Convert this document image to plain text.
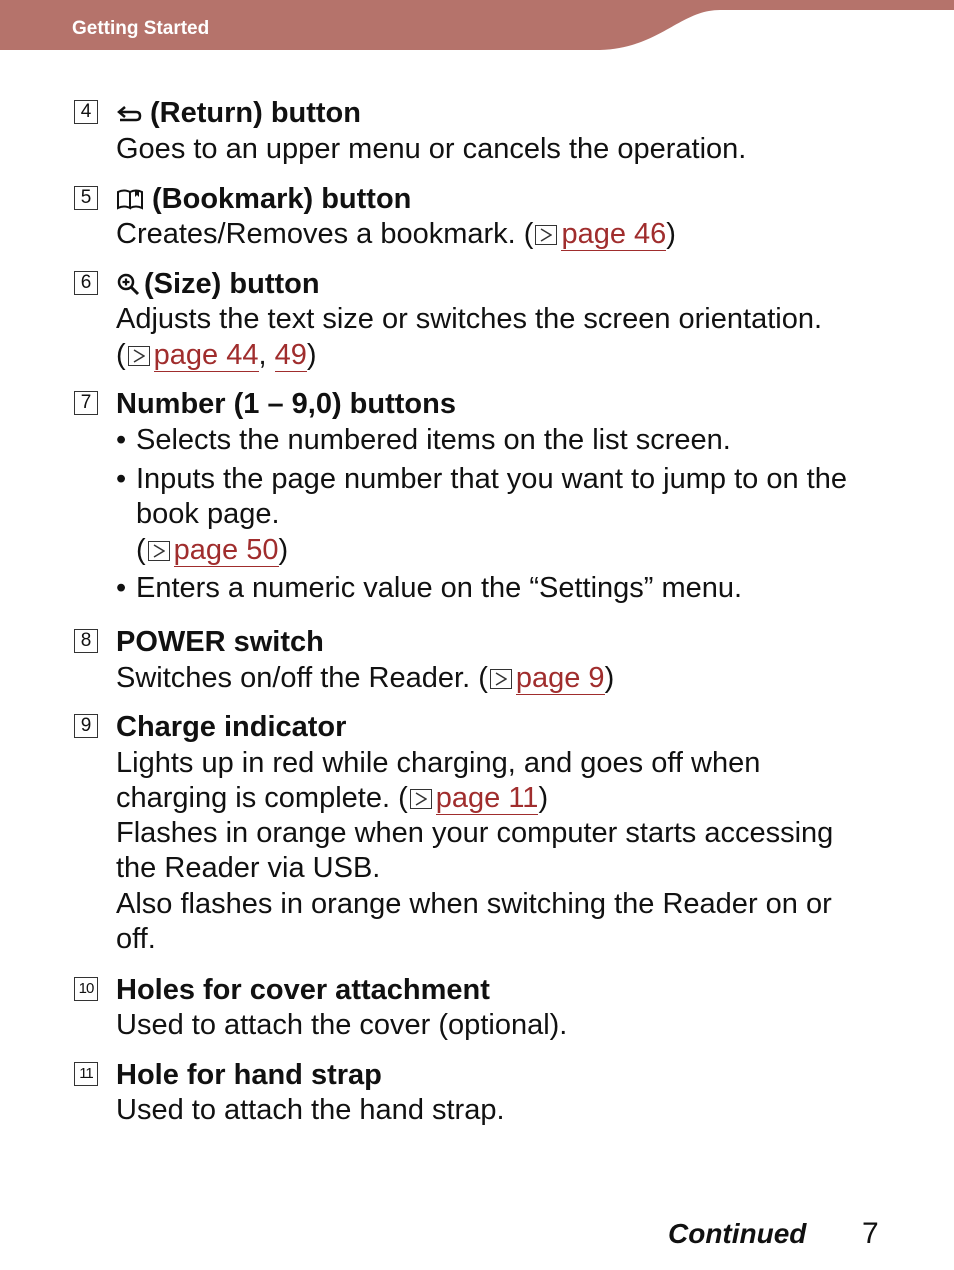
Getting Started
4	(Return) button
Goes to an upper menu or cancels the operation.
5	(Bookmark) button
Creates/Removes a bookmark. ( page 46)
6	(Size) button
Adjusts the text size or switches the screen orientation.
( page 44, 49)
7 Number (1 – 9,0) buttons
• Selects the numbered items on the list screen.
• Inputs the page number that you want to jump to on the
book page.
( page 50)
• Enters a numeric value on the “Settings” menu.
8 POWER switch
Switches on/off the Reader. ( page 9)
9 Charge indicator
Lights up in red while charging, and goes off when
charging is complete. ( page 11)
Flashes in orange when your computer starts accessing
the Reader via USB.
Also flashes in orange when switching the Reader on or
off.
10 Holes for cover attachment
Used to attach the cover (optional).
11 Hole for hand strap
Used to attach the hand strap.
Continued 7
